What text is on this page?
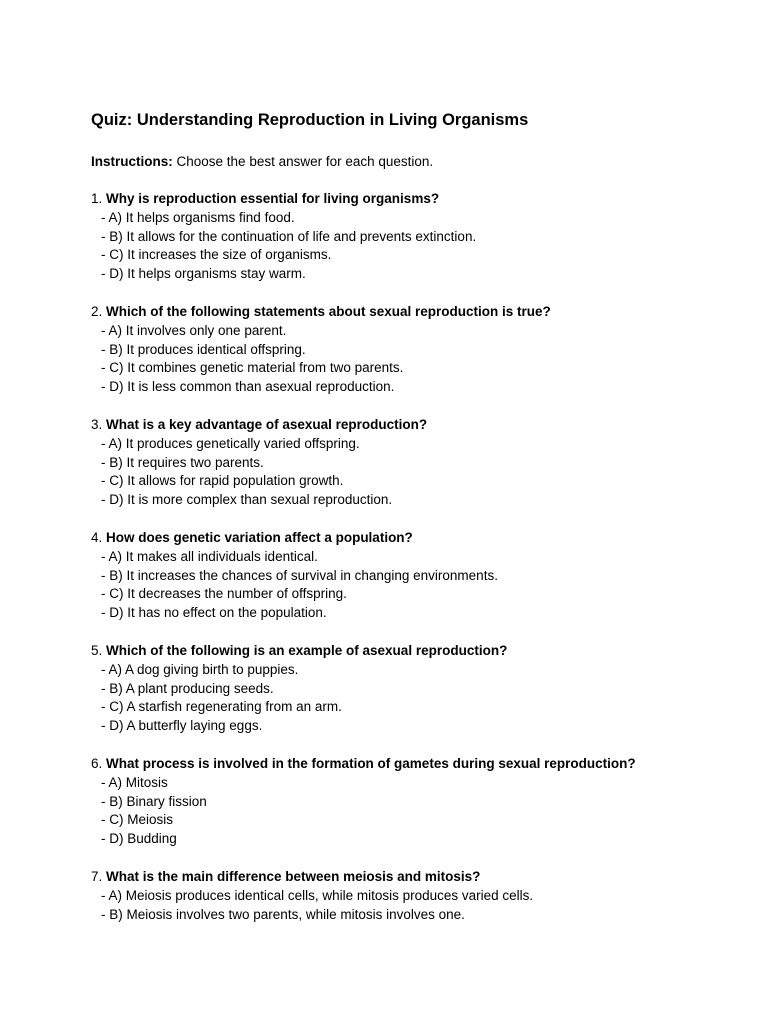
Quiz: Understanding Reproduction in Living Organisms
Instructions: Choose the best answer for each question.
1. Why is reproduction essential for living organisms?
- A) It helps organisms find food.
- B) It allows for the continuation of life and prevents extinction.
- C) It increases the size of organisms.
- D) It helps organisms stay warm.
2. Which of the following statements about sexual reproduction is true?
- A) It involves only one parent.
- B) It produces identical offspring.
- C) It combines genetic material from two parents.
- D) It is less common than asexual reproduction.
3. What is a key advantage of asexual reproduction?
- A) It produces genetically varied offspring.
- B) It requires two parents.
- C) It allows for rapid population growth.
- D) It is more complex than sexual reproduction.
4. How does genetic variation affect a population?
- A) It makes all individuals identical.
- B) It increases the chances of survival in changing environments.
- C) It decreases the number of offspring.
- D) It has no effect on the population.
5. Which of the following is an example of asexual reproduction?
- A) A dog giving birth to puppies.
- B) A plant producing seeds.
- C) A starfish regenerating from an arm.
- D) A butterfly laying eggs.
6. What process is involved in the formation of gametes during sexual reproduction?
- A) Mitosis
- B) Binary fission
- C) Meiosis
- D) Budding
7. What is the main difference between meiosis and mitosis?
- A) Meiosis produces identical cells, while mitosis produces varied cells.
- B) Meiosis involves two parents, while mitosis involves one.
